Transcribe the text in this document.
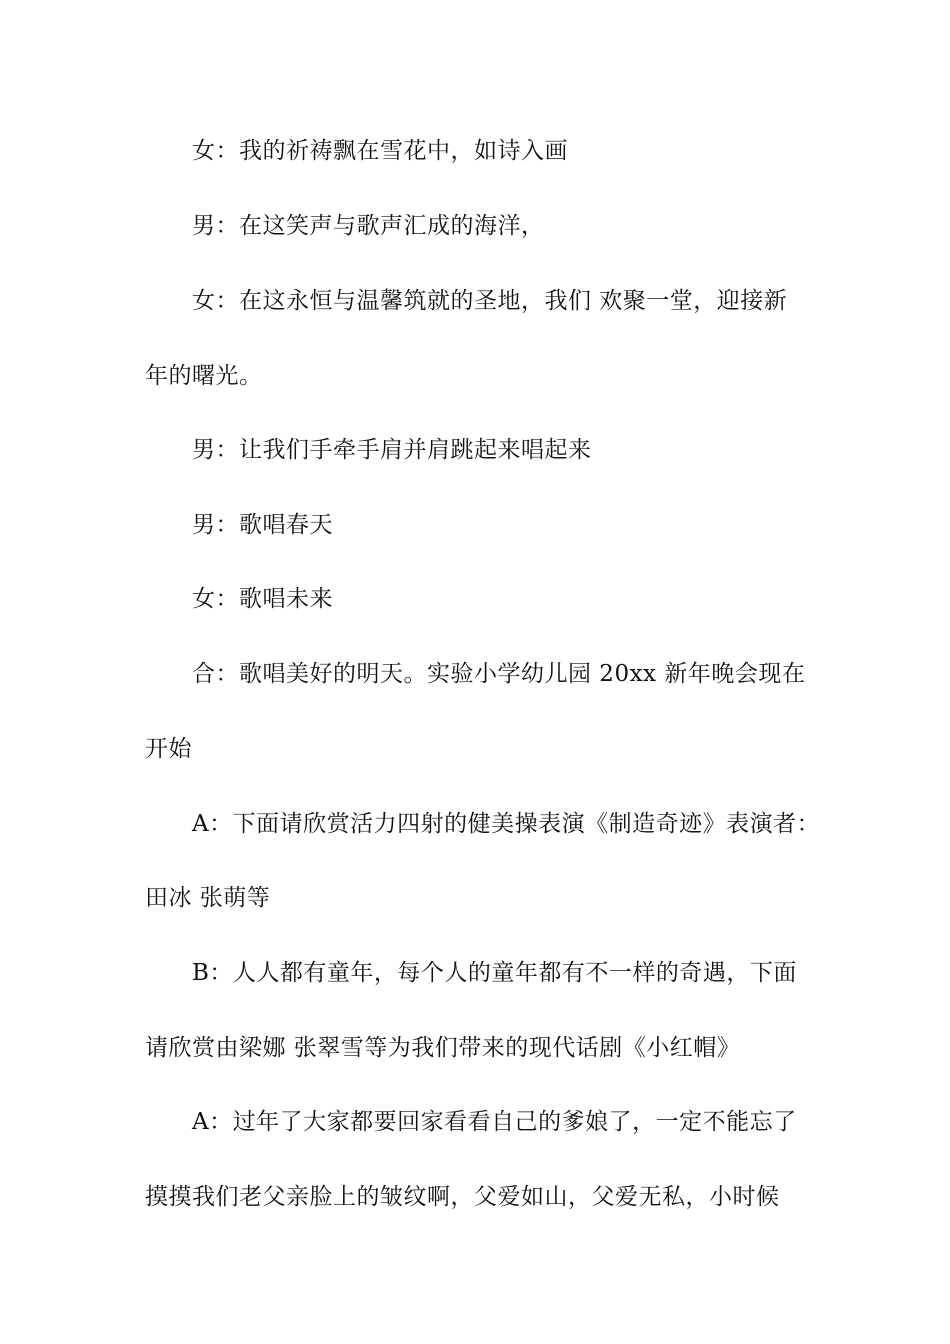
女：我的祈祷飘在雪花中，如诗入画
男：在这笑声与歌声汇成的海洋，
女：在这永恒与温馨筑就的圣地，我们 欢聚一堂，迎接新
年的曙光。
男：让我们手牵手肩并肩跳起来唱起来
男：歌唱春天
女：歌唱未来
合：歌唱美好的明天。实验小学幼儿园 20xx 新年晚会现在
开始
A：下面请欣赏活力四射的健美操表演《制造奇迹》表演者：
田冰 张萌等
B：人人都有童年，每个人的童年都有不一样的奇遇，下面
请欣赏由梁娜 张翠雪等为我们带来的现代话剧《小红帽》
A：过年了大家都要回家看看自己的爹娘了，一定不能忘了
摸摸我们老父亲脸上的皱纹啊，父爱如山，父爱无私，小时候
